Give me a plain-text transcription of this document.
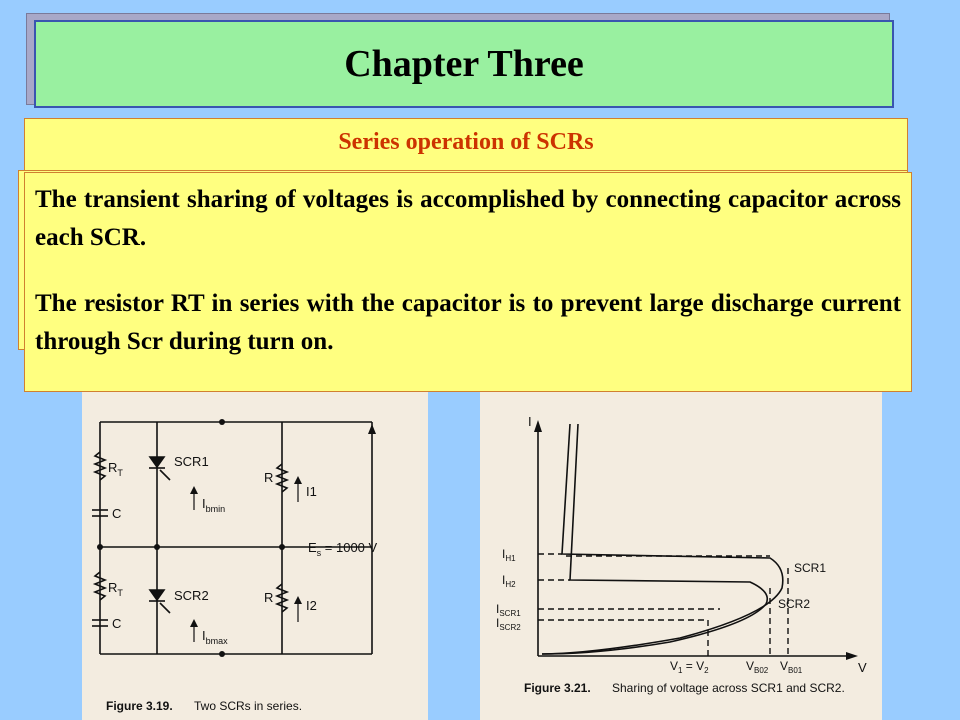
Chapter Three
Series operation of SCRs

The transient sharing of voltages is accomplished by connecting capacitor across each SCR.

The resistor RT in series with the capacitor is to prevent large discharge current through Scr during turn on.

$R_T$
C
SCR1
R
I1
$I_{bmin}$
$E_s = 1000$ V
$R_T$
C
SCR2	R
I2
$I_{bmax}$
Figure 3.19. Two SCRs in series.
I
V
$I_{H1}$
$I_{H2}$
$I_{SCR1}$
$I_{SCR2}$
SCR1
SCR2
$V_1 = V_2$	$V_{B02}$ $V_{B01}$
Figure 3.21. Sharing of voltage across SCR1 and SCR2.
